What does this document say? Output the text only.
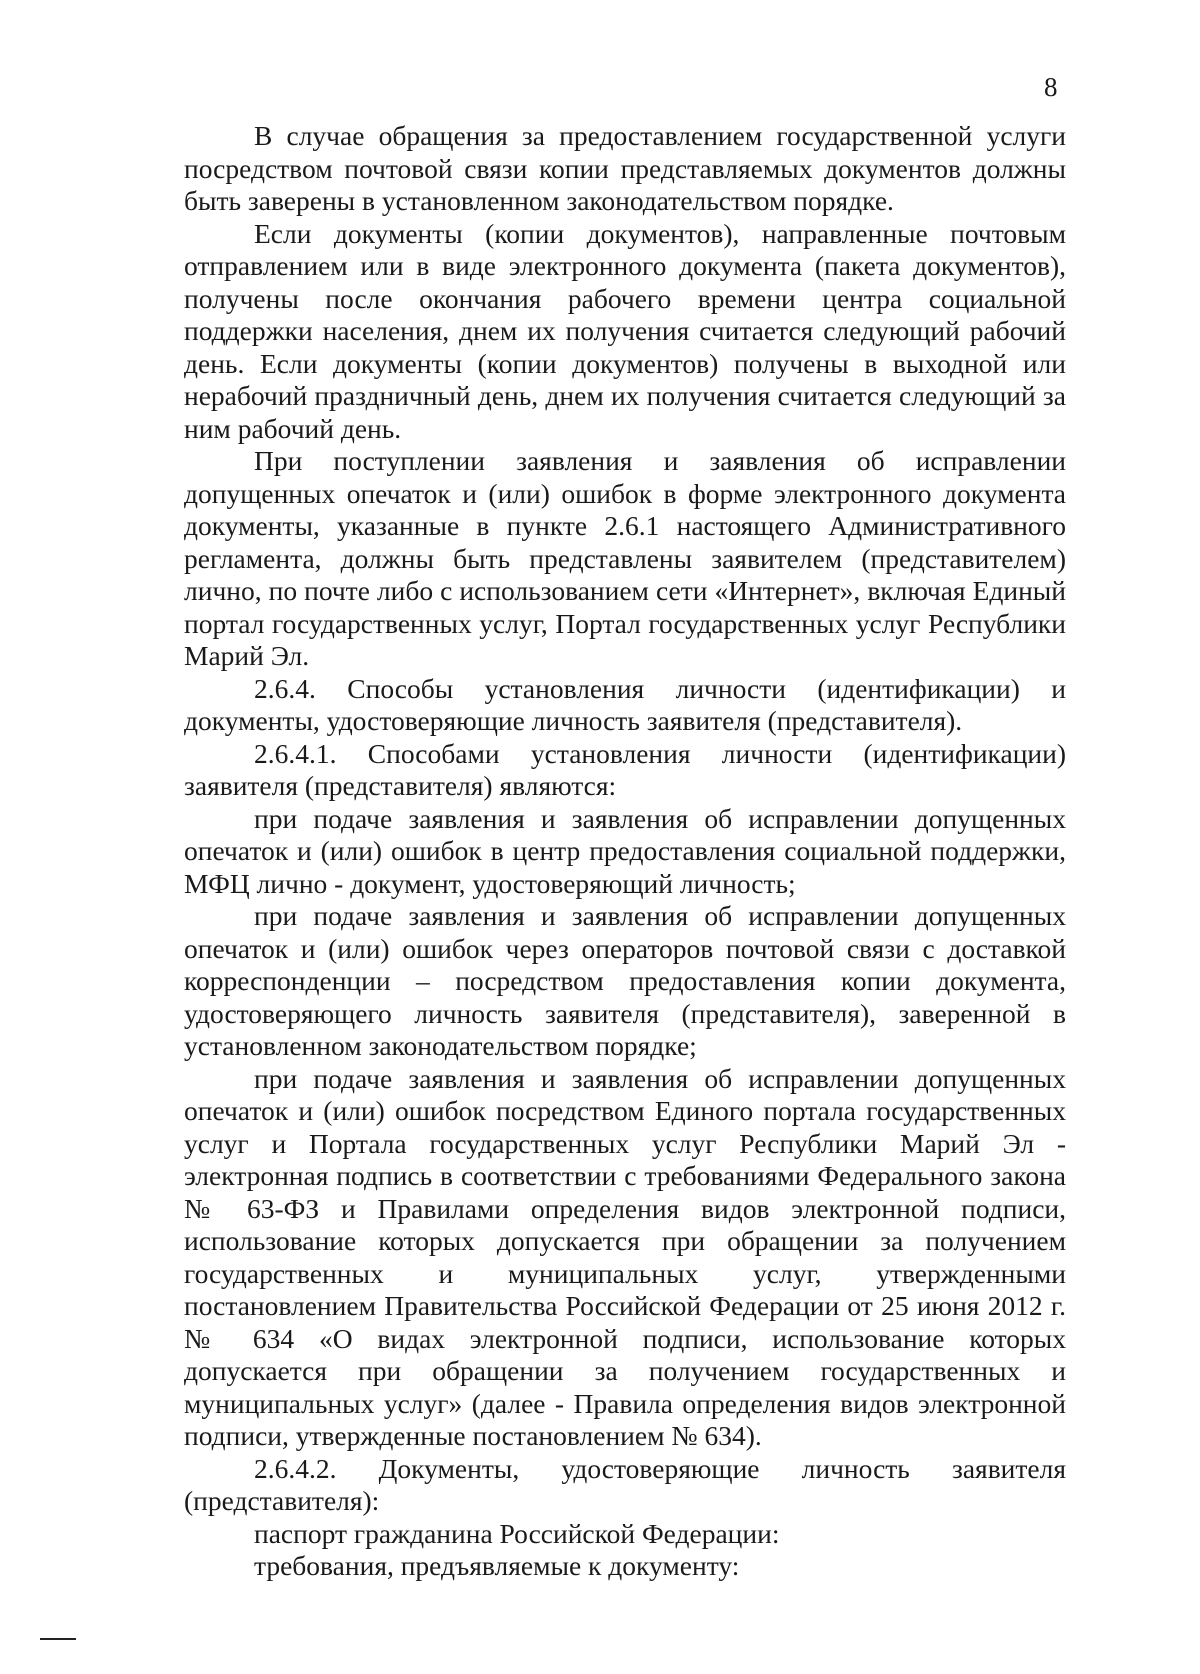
8

В случае обращения за предоставлением государственной услуги посредством почтовой связи копии представляемых документов должны быть заверены в установленном законодательством порядке.

Если документы (копии документов), направленные почтовым отправлением или в виде электронного документа (пакета документов), получены после окончания рабочего времени центра социальной поддержки населения, днем их получения считается следующий рабочий день. Если документы (копии документов) получены в выходной или нерабочий праздничный день, днем их получения считается следующий за ним рабочий день.

При поступлении заявления и заявления об исправлении допущенных опечаток и (или) ошибок в форме электронного документа документы, указанные в пункте 2.6.1 настоящего Административного регламента, должны быть представлены заявителем (представителем) лично, по почте либо с использованием сети «Интернет», включая Единый портал государственных услуг, Портал государственных услуг Республики Марий Эл.

2.6.4. Способы установления личности (идентификации) и документы, удостоверяющие личность заявителя (представителя).

2.6.4.1. Способами установления личности (идентификации) заявителя (представителя) являются:

при подаче заявления и заявления об исправлении допущенных опечаток и (или) ошибок в центр предоставления социальной поддержки, МФЦ лично - документ, удостоверяющий личность;

при подаче заявления и заявления об исправлении допущенных опечаток и (или) ошибок через операторов почтовой связи с доставкой корреспонденции – посредством предоставления копии документа, удостоверяющего личность заявителя (представителя), заверенной в установленном законодательством порядке;

при подаче заявления и заявления об исправлении допущенных опечаток и (или) ошибок посредством Единого портала государственных услуг и Портала государственных услуг Республики Марий Эл - электронная подпись в соответствии с требованиями Федерального закона № 63-ФЗ и Правилами определения видов электронной подписи, использование которых допускается при обращении за получением государственных и муниципальных услуг, утвержденными постановлением Правительства Российской Федерации от 25 июня 2012 г. № 634 «О видах электронной подписи, использование которых допускается при обращении за получением государственных и муниципальных услуг» (далее - Правила определения видов электронной подписи, утвержденные постановлением № 634).

2.6.4.2. Документы, удостоверяющие личность заявителя (представителя):

паспорт гражданина Российской Федерации:

требования, предъявляемые к документу:
